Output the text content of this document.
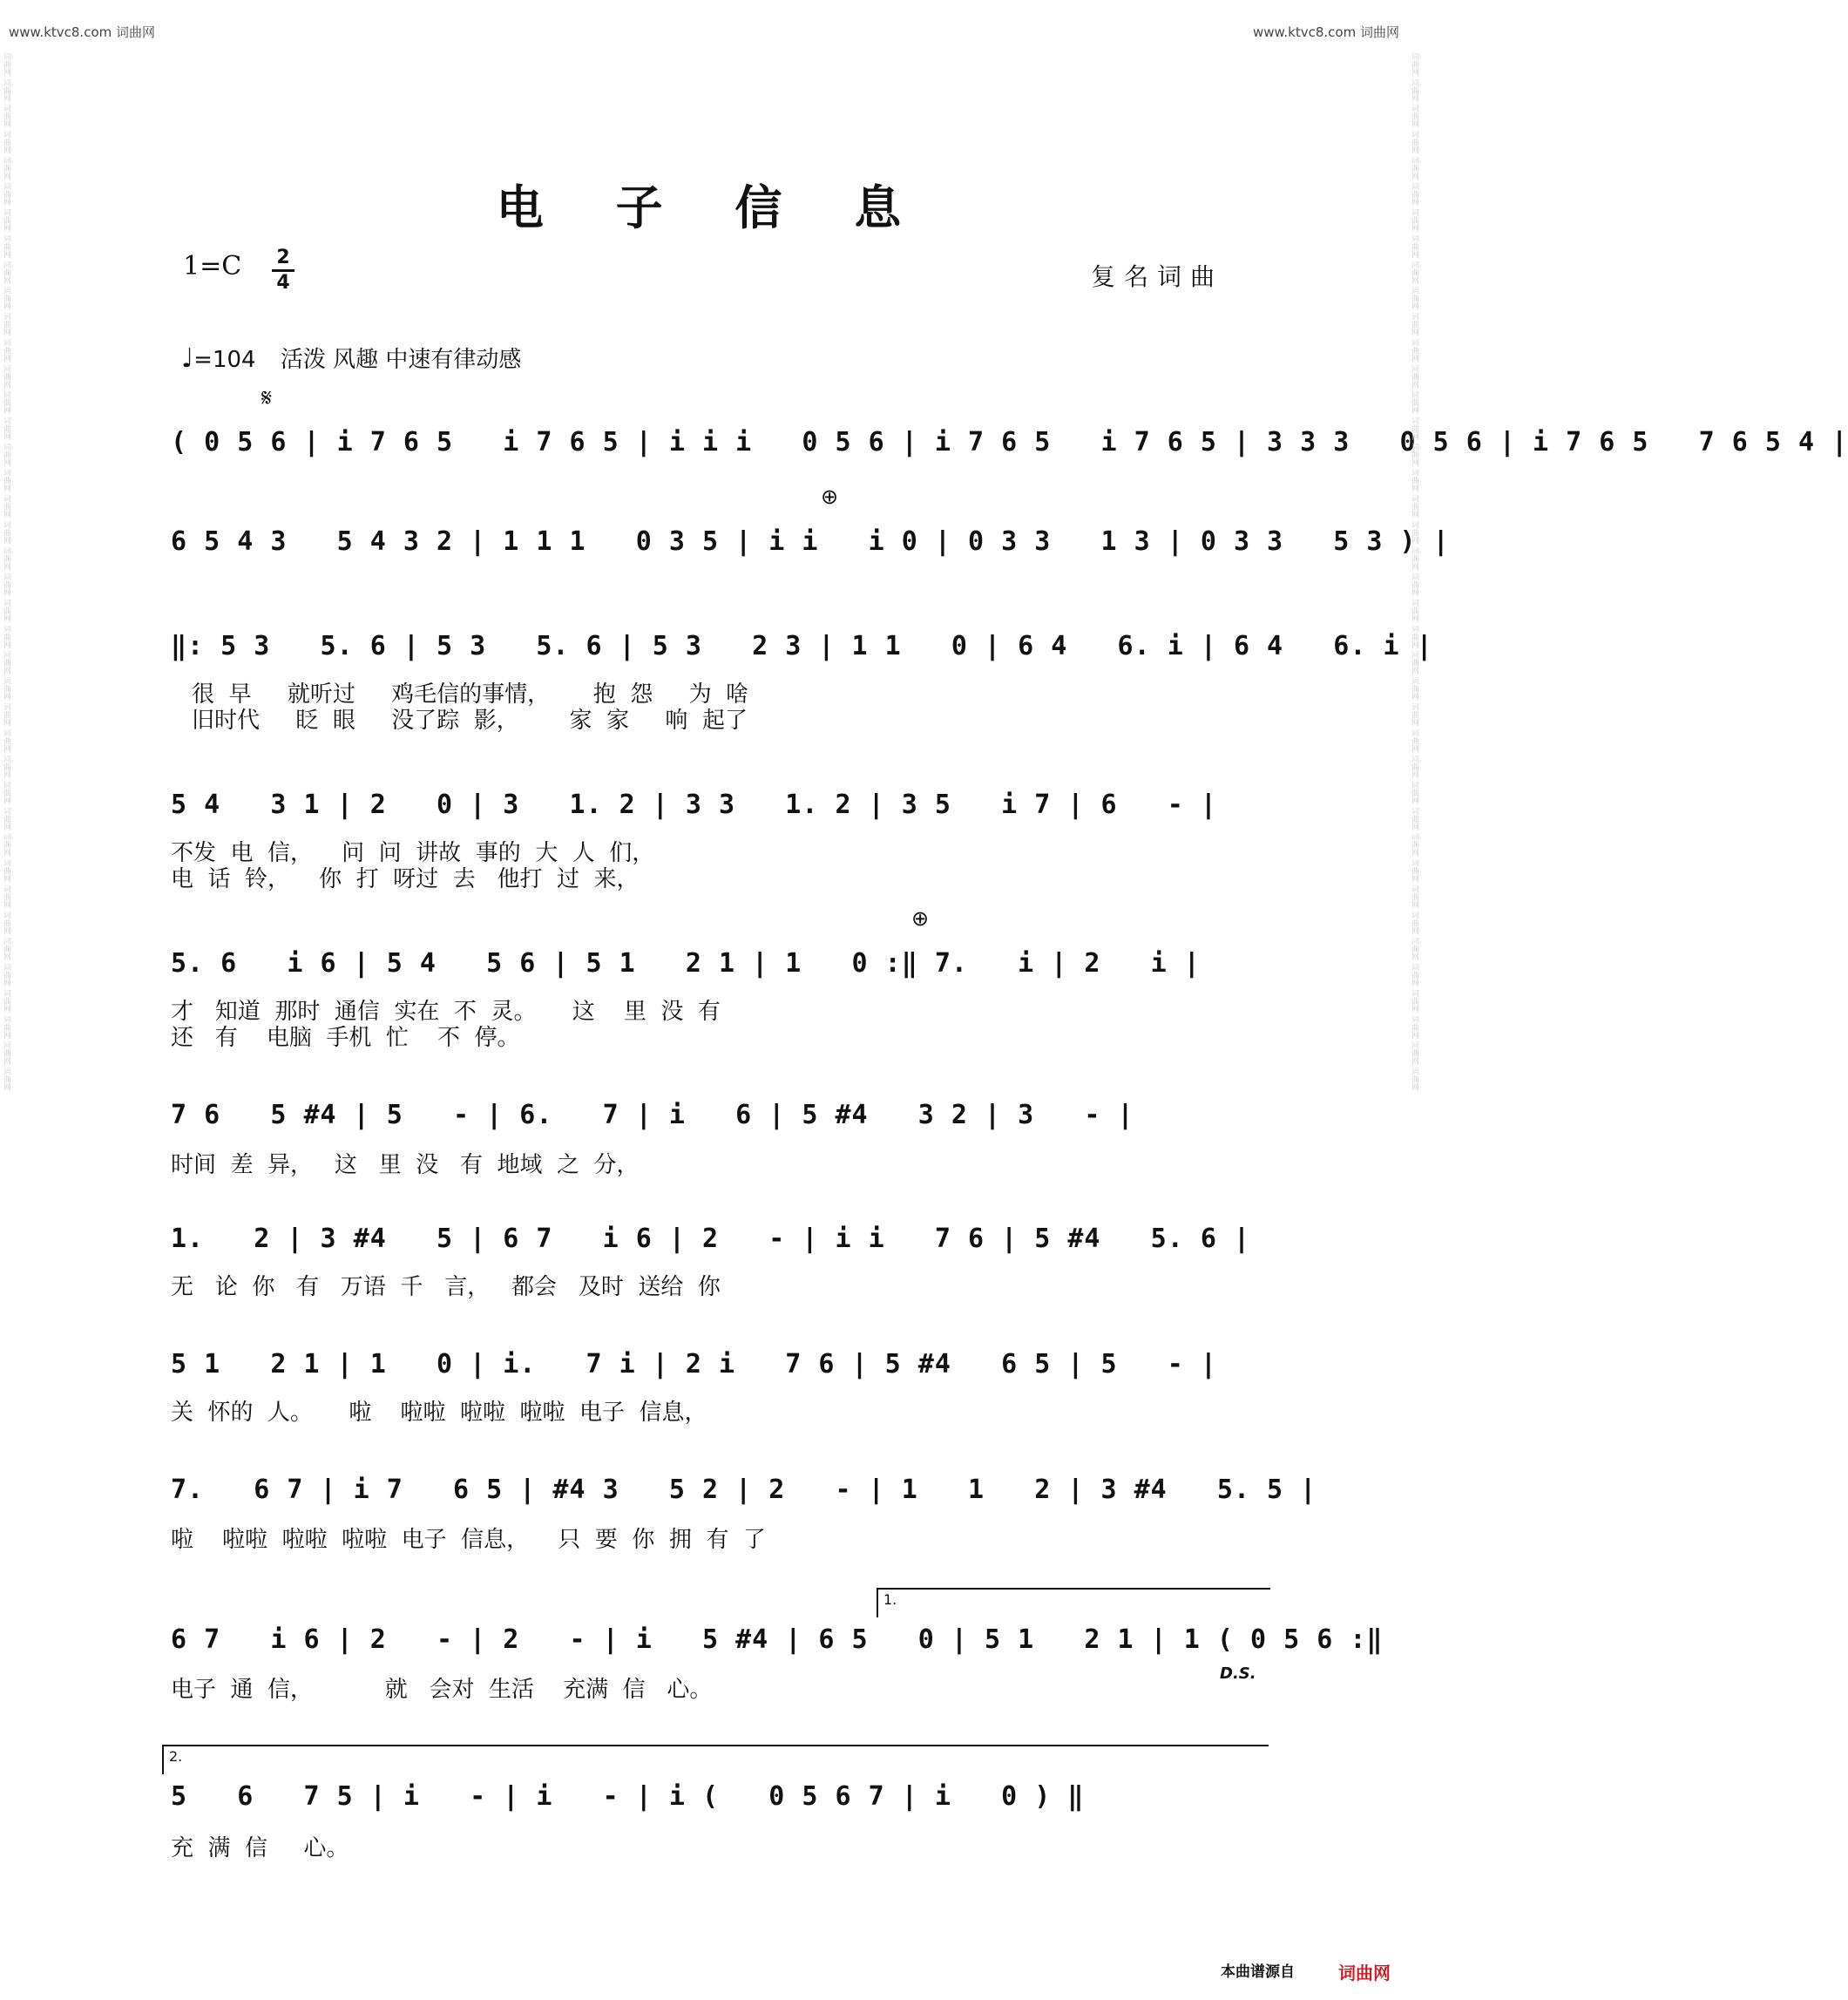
www.ktvc8.com 词曲网	www.ktvc8.com 词曲网
电 子 信 息
1=C 2
4	复名词曲
♩=104 活泼 风趣 中速有律动感
𝄋
( 0 5 6 | i 7 6 5   i 7 6 5 | i i i   0 5 6 | i 7 6 5   i 7 6 5 | 3 3 3   0 5 6 | i 7 6 5   7 6 5 4 |
⊕
6 5 4 3   5 4 3 2 | 1 1 1   0 3 5 | i i   i 0 | 0 3 3   1 3 | 0 3 3   5 3 ) |
‖: 5 3   5. 6 | 5 3   5. 6 | 5 3   2 3 | 1 1   0 | 6 4   6. i | 6 4   6. i |
很  早     就听过     鸡毛信的事情，      抱  怨     为  啥
旧时代     眨  眼     没了踪  影，       家  家     响  起了
5 4   3 1 | 2   0 | 3   1. 2 | 3 3   1. 2 | 3 5   i 7 | 6   - |
不发  电  信，    问  问  讲故  事的  大  人  们，
电  话  铃，    你  打  呀过  去   他打  过  来，
⊕
5. 6   i 6 | 5 4   5 6 | 5 1   2 1 | 1   0 :‖ 7.   i | 2   i |
才   知道  那时  通信  实在  不  灵。     这    里  没  有
还   有    电脑  手机  忙    不  停。
7 6   5 #4 | 5   - | 6.   7 | i   6 | 5 #4   3 2 | 3   - |
时间  差  异，   这   里  没   有  地域  之  分，
1.   2 | 3 #4   5 | 6 7   i 6 | 2   - | i i   7 6 | 5 #4   5. 6 |
无   论  你   有   万语  千   言，   都会   及时  送给  你
5 1   2 1 | 1   0 | i.   7 i | 2 i   7 6 | 5 #4   6 5 | 5   - |
关  怀的  人。     啦    啦啦  啦啦  啦啦  电子  信息，
7.   6 7 | i 7   6 5 | #4 3   5 2 | 2   - | 1   1   2 | 3 #4   5. 5 |
啦    啦啦  啦啦  啦啦  电子  信息，    只  要  你  拥  有  了
1.
6 7   i 6 | 2   - | 2   - | i   5 #4 | 6 5   0 | 5 1   2 1 | 1 ( 0 5 6 :‖
电子  通  信，          就   会对  生活    充满  信   心。
D.S.
2.
5   6   7 5 | i   - | i   - | i (   0 5 6 7 | i   0 ) ‖
充  满  信     心。
本曲谱源自	词曲网
词曲网 词曲网 词曲网 词曲网 词曲网 词曲网 词曲网 词曲网 词曲网 词曲网 词曲网 词曲网 词曲网 词曲网 词曲网 词曲网 词曲网 词曲网 词曲网 词曲网 词曲网 词曲网 词曲网 词曲网 词曲网 词曲网 词曲网 词曲网 词曲网 词曲网 词曲网 词曲网 词曲网 词曲网 词曲网 词曲网 词曲网 词曲网 词曲网 词曲网
词曲网 词曲网 词曲网 词曲网 词曲网 词曲网 词曲网 词曲网 词曲网 词曲网 词曲网 词曲网 词曲网 词曲网 词曲网 词曲网 词曲网 词曲网 词曲网 词曲网 词曲网 词曲网 词曲网 词曲网 词曲网 词曲网 词曲网 词曲网 词曲网 词曲网 词曲网 词曲网 词曲网 词曲网 词曲网 词曲网 词曲网 词曲网 词曲网 词曲网
